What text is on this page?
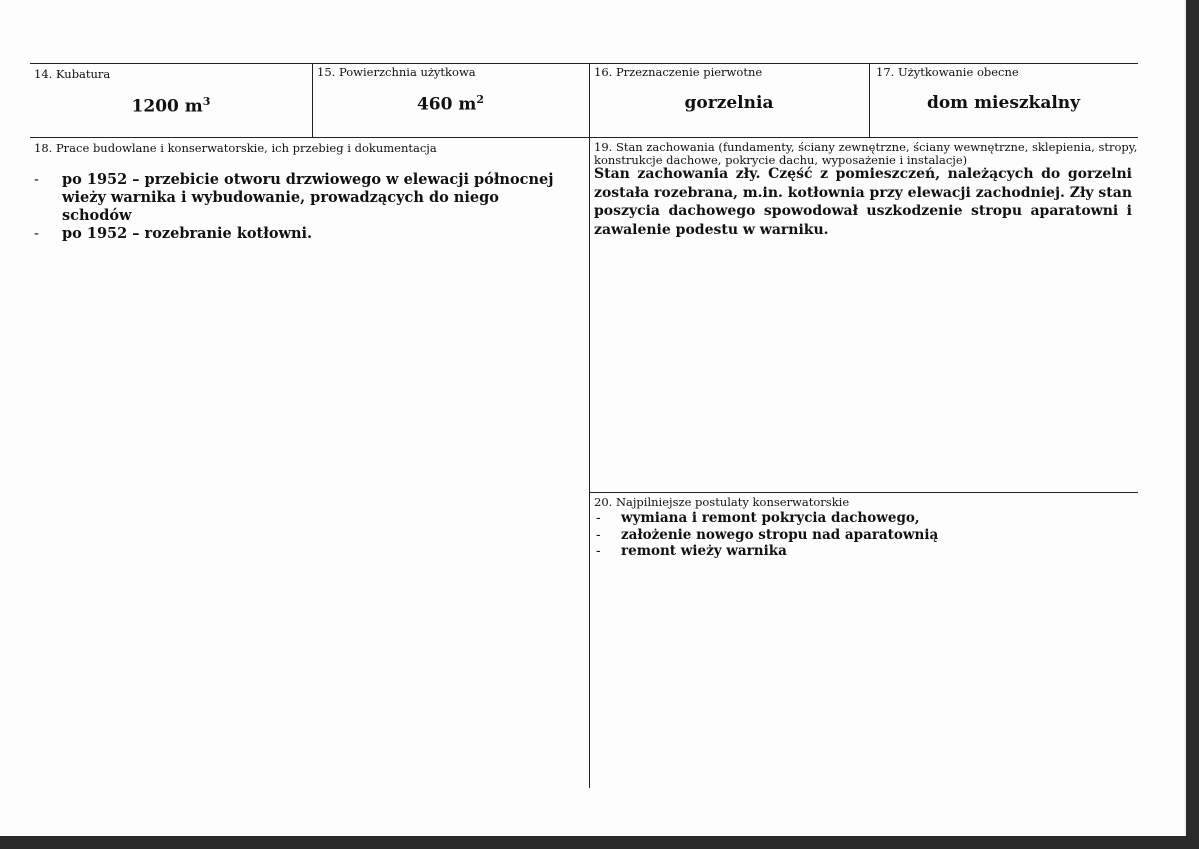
14. Kubatura
1200 $m^3$
15. Powierzchnia użytkowa
460 $m^2$
16. Przeznaczenie pierwotne
gorzelnia
17. Użytkowanie obecne
dom mieszkalny
18. Prace budowlane i konserwatorskie, ich przebieg i dokumentacja
- po 1952 – przebicie otworu drzwiowego w elewacji północnej wieży warnika i wybudowanie, prowadzących do niego schodów
- po 1952 – rozebranie kotłowni.
19. Stan zachowania (fundamenty, ściany zewnętrzne, ściany wewnętrzne, sklepienia, stropy,
konstrukcje dachowe, pokrycie dachu, wyposażenie i instalacje)
Stan zachowania zły. Część z pomieszczeń, należących do gorzelni została rozebrana, m.in. kotłownia przy elewacji zachodniej. Zły stan poszycia dachowego spowodował uszkodzenie stropu aparatowni i zawalenie podestu w warniku.
20. Najpilniejsze postulaty konserwatorskie
- wymiana i remont pokrycia dachowego,
- założenie nowego stropu nad aparatownią
- remont wieży warnika
